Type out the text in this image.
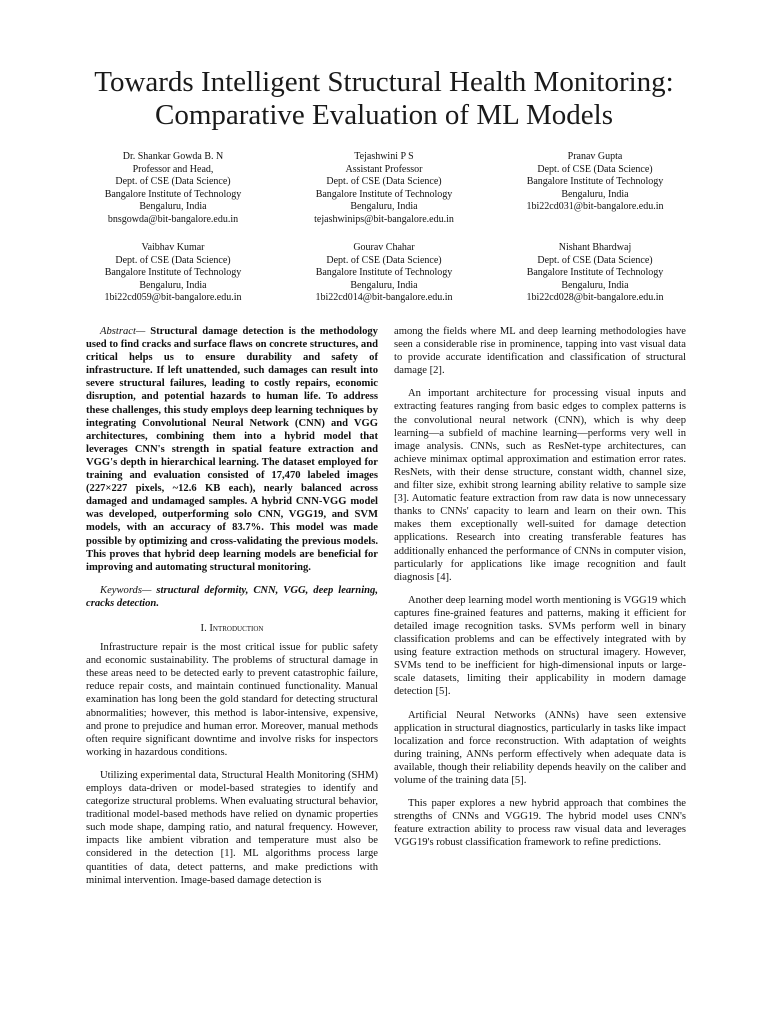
Towards Intelligent Structural Health Monitoring:
Comparative Evaluation of ML Models
Dr. Shankar Gowda B. N
Professor and Head,
Dept. of CSE (Data Science)
Bangalore Institute of Technology
Bengaluru, India
bnsgowda@bit-bangalore.edu.in
Tejashwini P S
Assistant Professor
Dept. of CSE (Data Science)
Bangalore Institute of Technology
Bengaluru, India
tejashwinips@bit-bangalore.edu.in
Pranav Gupta
Dept. of CSE (Data Science)
Bangalore Institute of Technology
Bengaluru, India
1bi22cd031@bit-bangalore.edu.in
Vaibhav Kumar
Dept. of CSE (Data Science)
Bangalore Institute of Technology
Bengaluru, India
1bi22cd059@bit-bangalore.edu.in
Gourav Chahar
Dept. of CSE (Data Science)
Bangalore Institute of Technology
Bengaluru, India
1bi22cd014@bit-bangalore.edu.in
Nishant Bhardwaj
Dept. of CSE (Data Science)
Bangalore Institute of Technology
Bengaluru, India
1bi22cd028@bit-bangalore.edu.in

Abstract— Structural damage detection is the methodology used to find cracks and surface flaws on concrete structures, and critical helps us to ensure durability and safety of infrastructure. If left unattended, such damages can result into severe structural failures, leading to costly repairs, economic disruption, and potential hazards to human life. To address these challenges, this study employs deep learning techniques by integrating Convolutional Neural Network (CNN) and VGG architectures, combining them into a hybrid model that leverages CNN's strength in spatial feature extraction and VGG's depth in hierarchical learning. The dataset employed for training and evaluation consisted of 17,470 labeled images (227×227 pixels, ~12.6 KB each), nearly balanced across damaged and undamaged samples. A hybrid CNN-VGG model was developed, outperforming solo CNN, VGG19, and SVM models, with an accuracy of 83.7%. This model was made possible by optimizing and cross-validating the previous models. This proves that hybrid deep learning models are beneficial for improving and automating structural monitoring.

Keywords— structural deformity, CNN, VGG, deep learning, cracks detection.

I. Introduction

Infrastructure repair is the most critical issue for public safety and economic sustainability. The problems of structural damage in these areas need to be detected early to prevent catastrophic failure, reduce repair costs, and maintain continued functionality. Manual examination has long been the gold standard for detecting structural abnormalities; however, this method is labor-intensive, expensive, and prone to prejudice and human error. Moreover, manual methods often require significant downtime and involve risks for inspectors working in hazardous conditions.

Utilizing experimental data, Structural Health Monitoring (SHM) employs data-driven or model-based strategies to identify and categorize structural problems. When evaluating structural behavior, traditional model-based methods have relied on dynamic properties such mode shape, damping ratio, and natural frequency. However, impacts like ambient vibration and temperature must also be considered in the detection [1]. ML algorithms process large quantities of data, detect patterns, and make predictions with minimal intervention. Image-based damage detection is

among the fields where ML and deep learning methodologies have seen a considerable rise in prominence, tapping into vast visual data to provide accurate identification and classification of structural damage [2].

An important architecture for processing visual inputs and extracting features ranging from basic edges to complex patterns is the convolutional neural network (CNN), which is why deep learning—a subfield of machine learning—performs very well in image analysis. CNNs, such as ResNet-type architectures, can achieve minimax optimal approximation and estimation error rates. ResNets, with their dense structure, constant width, channel size, and filter size, exhibit strong learning ability relative to sample size [3]. Automatic feature extraction from raw data is now unnecessary thanks to CNNs' capacity to learn and learn on their own. This makes them exceptionally well-suited for damage detection applications. Research into creating transferable features has additionally enhanced the performance of CNNs in computer vision, particularly for applications like image recognition and fault diagnosis [4].

Another deep learning model worth mentioning is VGG19 which captures fine-grained features and patterns, making it efficient for detailed image recognition tasks. SVMs perform well in binary classification problems and can be effectively integrated with by using feature extraction methods on structural imagery. However, SVMs tend to be inefficient for high-dimensional inputs or large-scale datasets, limiting their applicability in modern damage detection [5].

Artificial Neural Networks (ANNs) have seen extensive application in structural diagnostics, particularly in tasks like impact localization and force reconstruction. With adaptation of weights during training, ANNs perform effectively when adequate data is available, though their reliability depends heavily on the caliber and volume of the training data [5].

This paper explores a new hybrid approach that combines the strengths of CNNs and VGG19. The hybrid model uses CNN's feature extraction ability to process raw visual data and leverages VGG19's robust classification framework to refine predictions.
